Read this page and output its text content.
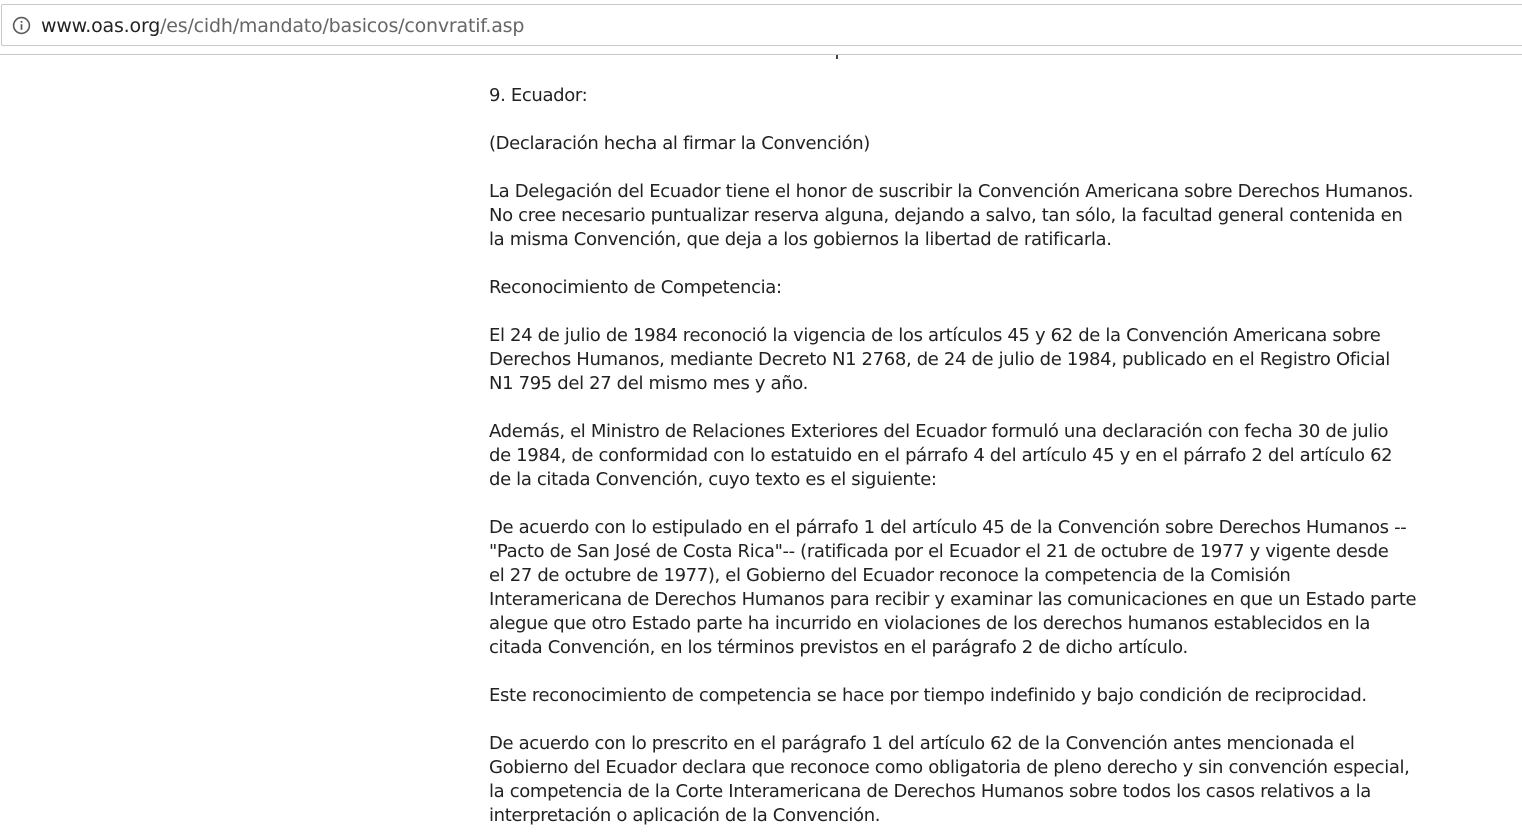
www.oas.org/es/cidh/mandato/basicos/convratif.asp

9. Ecuador:

(Declaración hecha al firmar la Convención)

La Delegación del Ecuador tiene el honor de suscribir la Convención Americana sobre Derechos Humanos.
No cree necesario puntualizar reserva alguna, dejando a salvo, tan sólo, la facultad general contenida en
la misma Convención, que deja a los gobiernos la libertad de ratificarla.

Reconocimiento de Competencia:

El 24 de julio de 1984 reconoció la vigencia de los artículos 45 y 62 de la Convención Americana sobre
Derechos Humanos, mediante Decreto N1 2768, de 24 de julio de 1984, publicado en el Registro Oficial
N1 795 del 27 del mismo mes y año.

Además, el Ministro de Relaciones Exteriores del Ecuador formuló una declaración con fecha 30 de julio
de 1984, de conformidad con lo estatuido en el párrafo 4 del artículo 45 y en el párrafo 2 del artículo 62
de la citada Convención, cuyo texto es el siguiente:

De acuerdo con lo estipulado en el párrafo 1 del artículo 45 de la Convención sobre Derechos Humanos --
"Pacto de San José de Costa Rica"-- (ratificada por el Ecuador el 21 de octubre de 1977 y vigente desde
el 27 de octubre de 1977), el Gobierno del Ecuador reconoce la competencia de la Comisión
Interamericana de Derechos Humanos para recibir y examinar las comunicaciones en que un Estado parte
alegue que otro Estado parte ha incurrido en violaciones de los derechos humanos establecidos en la
citada Convención, en los términos previstos en el parágrafo 2 de dicho artículo.

Este reconocimiento de competencia se hace por tiempo indefinido y bajo condición de reciprocidad.

De acuerdo con lo prescrito en el parágrafo 1 del artículo 62 de la Convención antes mencionada el
Gobierno del Ecuador declara que reconoce como obligatoria de pleno derecho y sin convención especial,
la competencia de la Corte Interamericana de Derechos Humanos sobre todos los casos relativos a la
interpretación o aplicación de la Convención.
